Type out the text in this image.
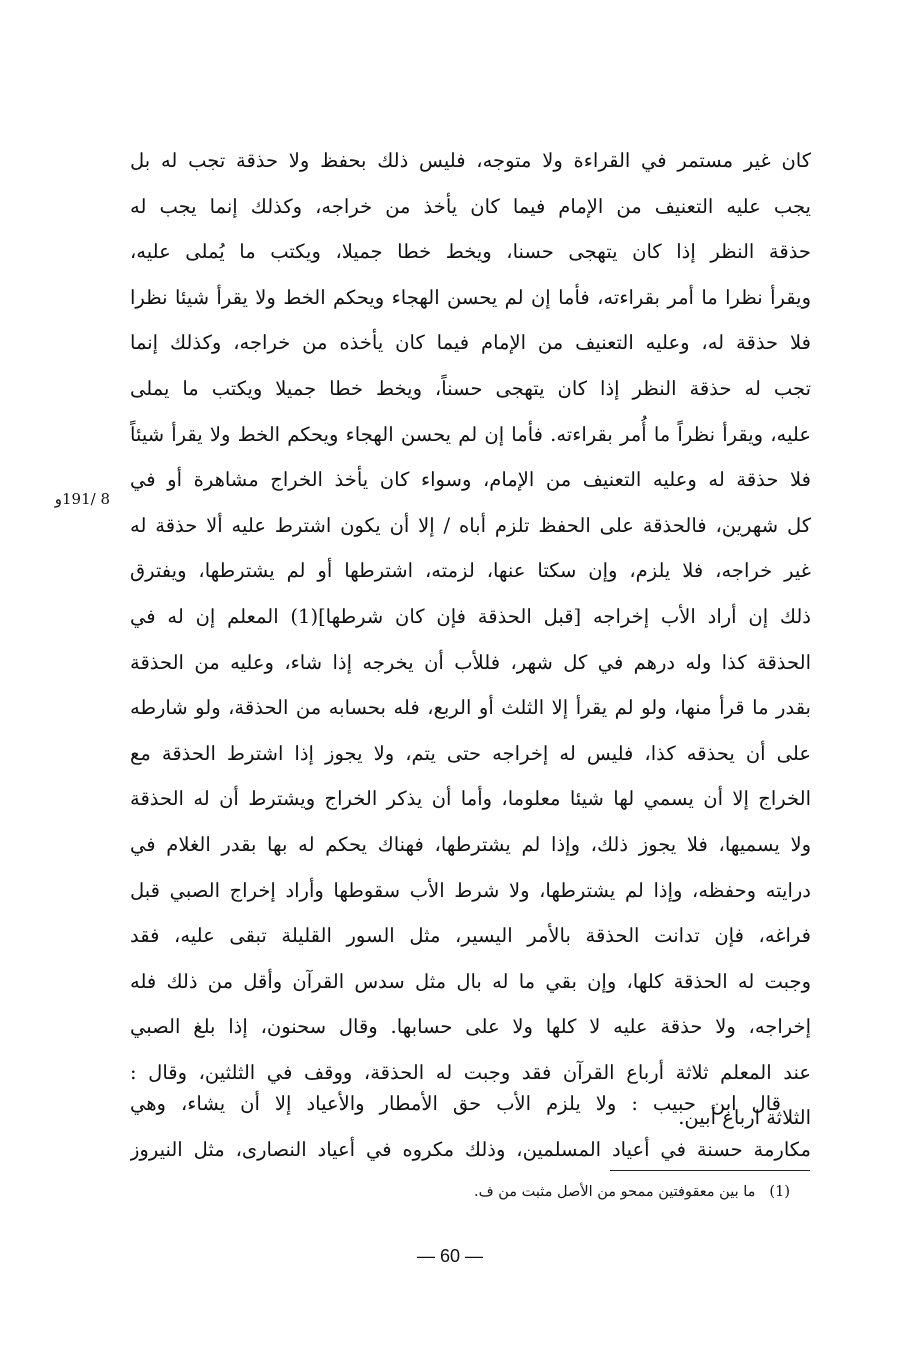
كان غير مستمر في القراءة ولا متوجه، فليس ذلك بحفظ ولا حذقة تجب له بل
يجب عليه التعنيف من الإمام فيما كان يأخذ من خراجه، وكذلك إنما يجب له
حذقة النظر إذا كان يتهجى حسنا، ويخط خطا جميلا، ويكتب ما يُملى عليه،
ويقرأ نظرا ما أمر بقراءته، فأما إن لم يحسن الهجاء ويحكم الخط ولا يقرأ شيئا نظرا
فلا حذقة له، وعليه التعنيف من الإمام فيما كان يأخذه من خراجه، وكذلك إنما
تجب له حذقة النظر إذا كان يتهجى حسناً، ويخط خطا جميلا ويكتب ما يملى
عليه، ويقرأ نظراً ما أُمر بقراءته. فأما إن لم يحسن الهجاء ويحكم الخط ولا يقرأ شيئاً
فلا حذقة له وعليه التعنيف من الإمام، وسواء كان يأخذ الخراج مشاهرة أو في
كل شهرين، فالحذقة على الحفظ تلزم أباه / إلا أن يكون اشترط عليه ألا حذقة له
غير خراجه، فلا يلزم، وإن سكتا عنها، لزمته، اشترطها أو لم يشترطها، ويفترق
ذلك إن أراد الأب إخراجه [قبل الحذقة فإن كان شرطها](1) المعلم إن له في
الحذقة كذا وله درهم في كل شهر، فللأب أن يخرجه إذا شاء، وعليه من الحذقة
بقدر ما قرأ منها، ولو لم يقرأ إلا الثلث أو الربع، فله بحسابه من الحذقة، ولو شارطه
على أن يحذقه كذا، فليس له إخراجه حتى يتم، ولا يجوز إذا اشترط الحذقة مع
الخراج إلا أن يسمي لها شيئا معلوما، وأما أن يذكر الخراج ويشترط أن له الحذقة
ولا يسميها، فلا يجوز ذلك، وإذا لم يشترطها، فهناك يحكم له بها بقدر الغلام في
درايته وحفظه، وإذا لم يشترطها، ولا شرط الأب سقوطها وأراد إخراج الصبي قبل
فراغه، فإن تدانت الحذقة بالأمر اليسير، مثل السور القليلة تبقى عليه، فقد
وجبت له الحذقة كلها، وإن بقي ما له بال مثل سدس القرآن وأقل من ذلك فله
إخراجه، ولا حذقة عليه لا كلها ولا على حسابها. وقال سحنون، إذا بلغ الصبي
عند المعلم ثلاثة أرباع القرآن فقد وجبت له الحذقة، ووقف في الثلثين، وقال :
الثلاثة ارباع أبين.
8 /191و
قال ابن حبيب : ولا يلزم الأب حق الأمطار والأعياد إلا أن يشاء، وهي
مكارمة حسنة في أعياد المسلمين، وذلك مكروه في أعياد النصارى، مثل النيروز
(1)ما بين معقوفتين ممحو من الأصل مثبت من ف.
— 60 —
